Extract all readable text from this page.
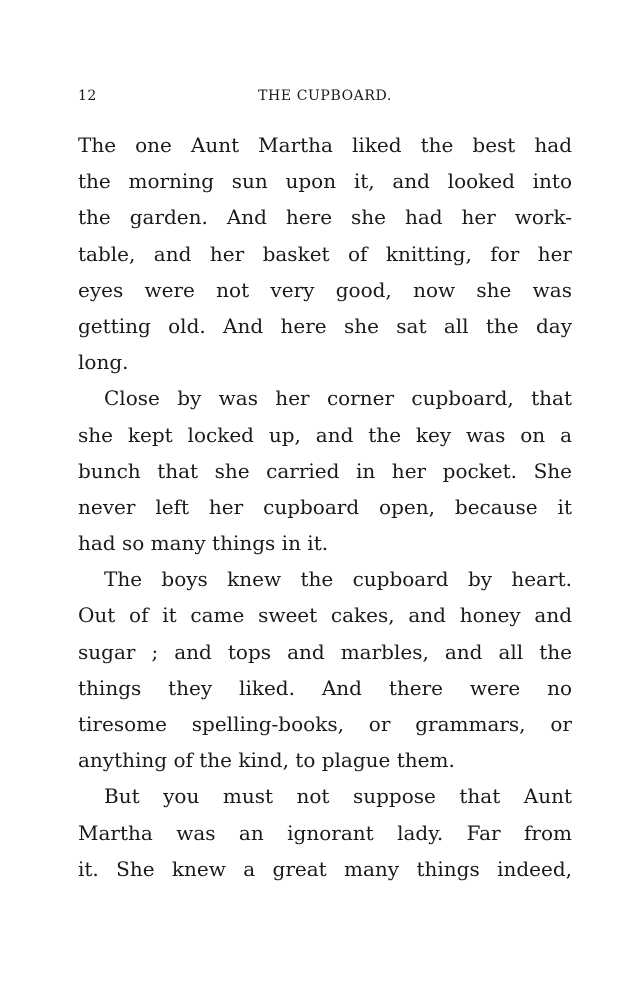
12	THE CUPBOARD.
The one Aunt Martha liked the best had
the morning sun upon it, and looked into
the garden. And here she had her work-
table, and her basket of knitting, for her
eyes were not very good, now she was
getting old. And here she sat all the day
long.
Close by was her corner cupboard, that
she kept locked up, and the key was on a
bunch that she carried in her pocket. She
never left her cupboard open, because it
had so many things in it.
The boys knew the cupboard by heart.
Out of it came sweet cakes, and honey and
sugar ; and tops and marbles, and all the
things they liked. And there were no
tiresome spelling-books, or grammars, or
anything of the kind, to plague them.
But you must not suppose that Aunt
Martha was an ignorant lady. Far from
it. She knew a great many things indeed,
